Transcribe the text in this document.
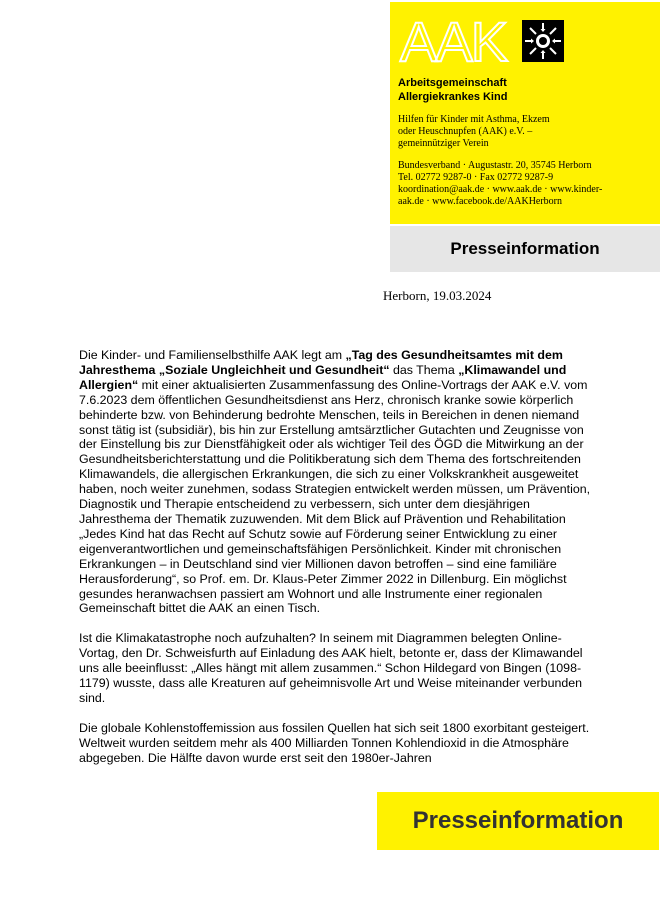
AAK
Arbeitsgemeinschaft
Allergiekrankes Kind
Hilfen für Kinder mit Asthma, Ekzem
oder Heuschnupfen (AAK) e.V. –
gemeinnütziger Verein
Bundesverband · Augustastr. 20, 35745 Herborn
Tel. 02772 9287-0 · Fax 02772 9287-9
koordination@aak.de · www.aak.de · www.kinder-
aak.de · www.facebook.de/AAKHerborn
Presseinformation
Herborn, 19.03.2024

Die Kinder- und Familienselbsthilfe AAK legt am „Tag des Gesundheitsamtes mit dem Jahresthema „Soziale Ungleichheit und Gesundheit“ das Thema „Klimawandel und Allergien“ mit einer aktualisierten Zusammenfassung des Online-Vortrags der AAK e.V. vom 7.6.2023 dem öffentlichen Gesundheitsdienst ans Herz, chronisch kranke sowie körperlich behinderte bzw. von Behinderung bedrohte Menschen, teils in Bereichen in denen niemand sonst tätig ist (subsidiär), bis hin zur Erstellung amtsärztlicher Gutachten und Zeugnisse von der Einstellung bis zur Dienstfähigkeit oder als wichtiger Teil des ÖGD die Mitwirkung an der Gesundheitsberichterstattung und die Politikberatung sich dem Thema des fortschreitenden Klimawandels, die allergischen Erkrankungen, die sich zu einer Volkskrankheit ausgeweitet haben, noch weiter zunehmen, sodass Strategien entwickelt werden müssen, um Prävention, Diagnostik und Therapie entscheidend zu verbessern, sich unter dem diesjährigen Jahresthema der Thematik zuzuwenden. Mit dem Blick auf Prävention und Rehabilitation „Jedes Kind hat das Recht auf Schutz sowie auf Förderung seiner Entwicklung zu einer eigenverantwortlichen und gemeinschaftsfähigen Persönlichkeit. Kinder mit chronischen Erkrankungen – in Deutschland sind vier Millionen davon betroffen – sind eine familiäre Herausforderung“, so Prof. em. Dr. Klaus-Peter Zimmer 2022 in Dillenburg. Ein möglichst gesundes heranwachsen passiert am Wohnort und alle Instrumente einer regionalen Gemeinschaft bittet die AAK an einen Tisch.

Ist die Klimakatastrophe noch aufzuhalten? In seinem mit Diagrammen belegten Online-Vortag, den Dr. Schweisfurth auf Einladung des AAK hielt, betonte er, dass der Klimawandel uns alle beeinflusst: „Alles hängt mit allem zusammen.“ Schon Hildegard von Bingen (1098-1179) wusste, dass alle Kreaturen auf geheimnisvolle Art und Weise miteinander verbunden sind.

Die globale Kohlenstoffemission aus fossilen Quellen hat sich seit 1800 exorbitant gesteigert. Weltweit wurden seitdem mehr als 400 Milliarden Tonnen Kohlendioxid in die Atmosphäre abgegeben. Die Hälfte davon wurde erst seit den 1980er-Jahren

Presseinformation
